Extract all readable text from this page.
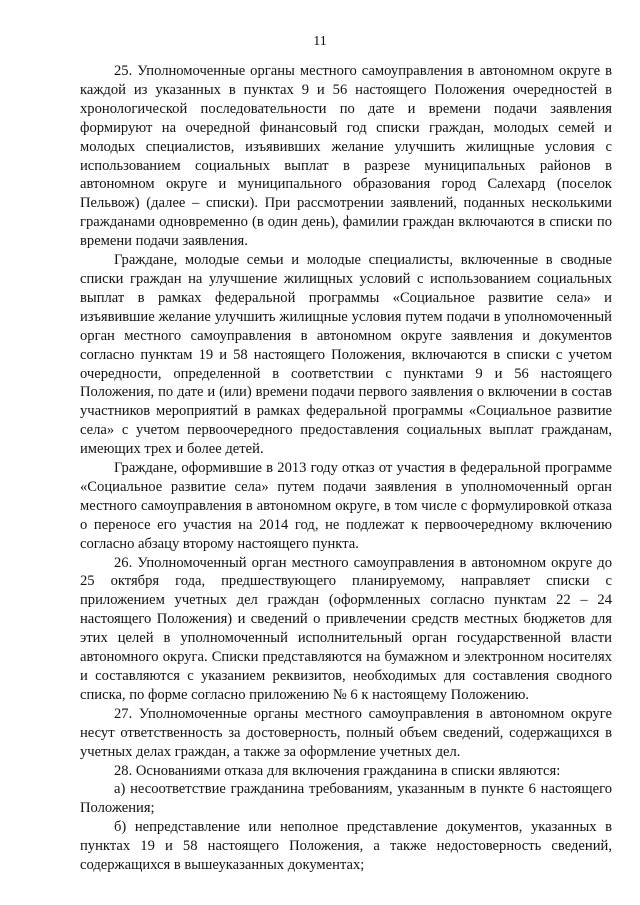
11

25. Уполномоченные органы местного самоуправления в автономном округе в каждой из указанных в пунктах 9 и 56 настоящего Положения очередностей в хронологической последовательности по дате и времени подачи заявления формируют на очередной финансовый год списки граждан, молодых семей и молодых специалистов, изъявивших желание улучшить жилищные условия с использованием социальных выплат в разрезе муниципальных районов в автономном округе и муниципального образования город Салехард (поселок Пельвож) (далее – списки). При рассмотрении заявлений, поданных несколькими гражданами одновременно (в один день), фамилии граждан включаются в списки по времени подачи заявления.

Граждане, молодые семьи и молодые специалисты, включенные в сводные списки граждан на улучшение жилищных условий с использованием социальных выплат в рамках федеральной программы «Социальное развитие села» и изъявившие желание улучшить жилищные условия путем подачи в уполномоченный орган местного самоуправления в автономном округе заявления и документов согласно пунктам 19 и 58 настоящего Положения, включаются в списки с учетом очередности, определенной в соответствии с пунктами 9 и 56 настоящего Положения, по дате и (или) времени подачи первого заявления о включении в состав участников мероприятий в рамках федеральной программы «Социальное развитие села» с учетом первоочередного предоставления социальных выплат гражданам, имеющих трех и более детей.

Граждане, оформившие в 2013 году отказ от участия в федеральной программе «Социальное развитие села» путем подачи заявления в уполномоченный орган местного самоуправления в автономном округе, в том числе с формулировкой отказа о переносе его участия на 2014 год, не подлежат к первоочередному включению согласно абзацу второму настоящего пункта.

26. Уполномоченный орган местного самоуправления в автономном округе до 25 октября года, предшествующего планируемому, направляет списки с приложением учетных дел граждан (оформленных согласно пунктам 22 – 24 настоящего Положения) и сведений о привлечении средств местных бюджетов для этих целей в уполномоченный исполнительный орган государственной власти автономного округа. Списки представляются на бумажном и электронном носителях и составляются с указанием реквизитов, необходимых для составления сводного списка, по форме согласно приложению № 6 к настоящему Положению.

27. Уполномоченные органы местного самоуправления в автономном округе несут ответственность за достоверность, полный объем сведений, содержащихся в учетных делах граждан, а также за оформление учетных дел.

28. Основаниями отказа для включения гражданина в списки являются:

а) несоответствие гражданина требованиям, указанным в пункте 6 настоящего Положения;

б) непредставление или неполное представление документов, указанных в пунктах 19 и 58 настоящего Положения, а также недостоверность сведений, содержащихся в вышеуказанных документах;
